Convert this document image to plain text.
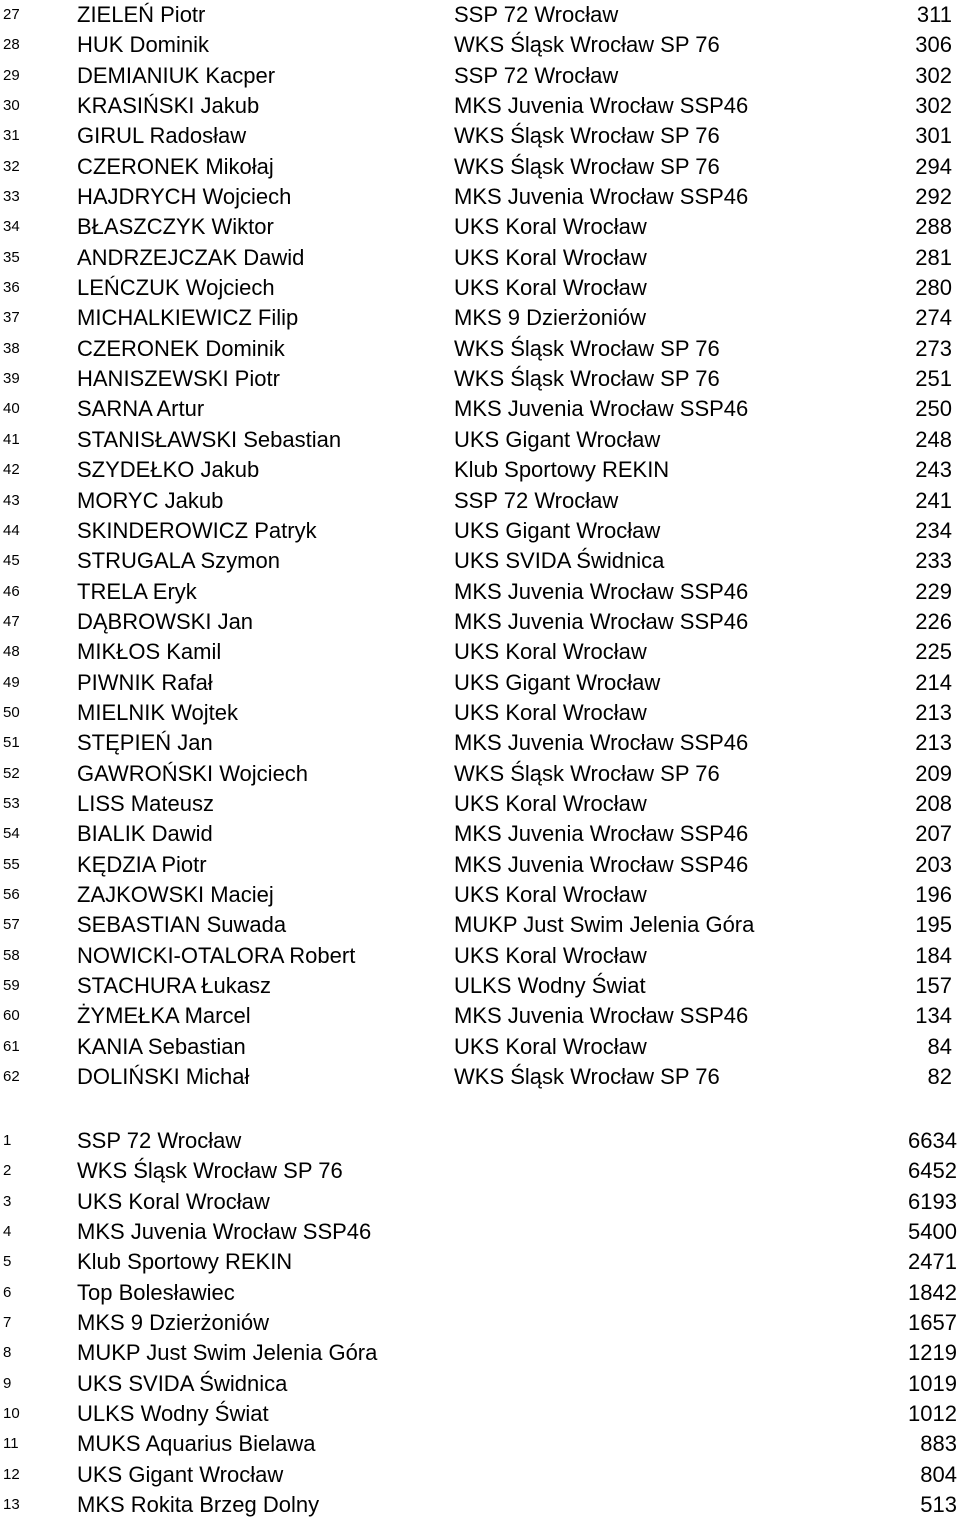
27	ZIELEŃ Piotr	SSP 72 Wrocław	311
28	HUK Dominik	WKS Śląsk Wrocław SP 76	306
29	DEMIANIUK Kacper	SSP 72 Wrocław	302
30	KRASIŃSKI Jakub	MKS Juvenia Wrocław SSP46	302
31	GIRUL Radosław	WKS Śląsk Wrocław SP 76	301
32	CZERONEK Mikołaj	WKS Śląsk Wrocław SP 76	294
33	HAJDRYCH Wojciech	MKS Juvenia Wrocław SSP46	292
34	BŁASZCZYK Wiktor	UKS Koral Wrocław	288
35	ANDRZEJCZAK Dawid	UKS Koral Wrocław	281
36	LEŃCZUK Wojciech	UKS Koral Wrocław	280
37	MICHALKIEWICZ Filip	MKS 9 Dzierżoniów	274
38	CZERONEK Dominik	WKS Śląsk Wrocław SP 76	273
39	HANISZEWSKI Piotr	WKS Śląsk Wrocław SP 76	251
40	SARNA Artur	MKS Juvenia Wrocław SSP46	250
41	STANISŁAWSKI Sebastian	UKS Gigant Wrocław	248
42	SZYDEŁKO Jakub	Klub Sportowy REKIN	243
43	MORYC Jakub	SSP 72 Wrocław	241
44	SKINDEROWICZ Patryk	UKS Gigant Wrocław	234
45	STRUGALA Szymon	UKS SVIDA Świdnica	233
46	TRELA Eryk	MKS Juvenia Wrocław SSP46	229
47	DĄBROWSKI Jan	MKS Juvenia Wrocław SSP46	226
48	MIKŁOS Kamil	UKS Koral Wrocław	225
49	PIWNIK Rafał	UKS Gigant Wrocław	214
50	MIELNIK Wojtek	UKS Koral Wrocław	213
51	STĘPIEŃ Jan	MKS Juvenia Wrocław SSP46	213
52	GAWROŃSKI Wojciech	WKS Śląsk Wrocław SP 76	209
53	LISS Mateusz	UKS Koral Wrocław	208
54	BIALIK Dawid	MKS Juvenia Wrocław SSP46	207
55	KĘDZIA Piotr	MKS Juvenia Wrocław SSP46	203
56	ZAJKOWSKI Maciej	UKS Koral Wrocław	196
57	SEBASTIAN Suwada	MUKP Just Swim Jelenia Góra	195
58	NOWICKI-OTALORA Robert	UKS Koral Wrocław	184
59	STACHURA Łukasz	ULKS Wodny Świat	157
60	ŻYMEŁKA Marcel	MKS Juvenia Wrocław SSP46	134
61	KANIA Sebastian	UKS Koral Wrocław	84
62	DOLIŃSKI Michał	WKS Śląsk Wrocław SP 76	82
1	SSP 72 Wrocław	6634
2	WKS Śląsk Wrocław SP 76	6452
3	UKS Koral Wrocław	6193
4	MKS Juvenia Wrocław SSP46	5400
5	Klub Sportowy REKIN	2471
6	Top Bolesławiec	1842
7	MKS 9 Dzierżoniów	1657
8	MUKP Just Swim Jelenia Góra	1219
9	UKS SVIDA Świdnica	1019
10	ULKS Wodny Świat	1012
11	MUKS Aquarius Bielawa	883
12	UKS Gigant Wrocław	804
13	MKS Rokita Brzeg Dolny	513
